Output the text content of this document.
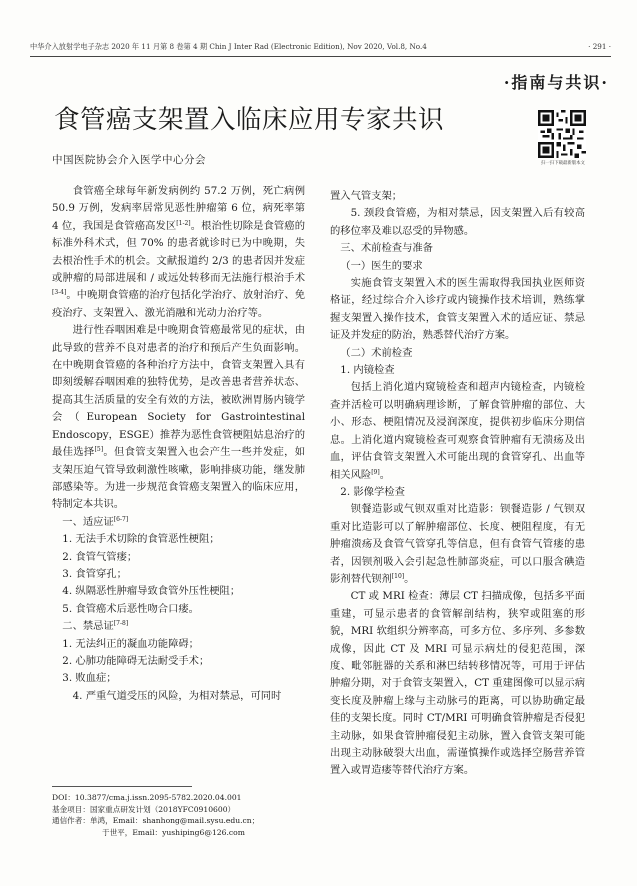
中华介入放射学电子杂志 2020 年 11 月第 8 卷第 4 期 Chin J Inter Rad (Electronic Edition), Nov 2020, Vol.8, No.4	· 291 ·
·指南与共识·
食管癌支架置入临床应用专家共识
中国医院协会介入医学中心分会	扫一扫下载最新版本文

食管癌全球每年新发病例约 57.2 万例，死亡病例 50.9 万例，发病率居常见恶性肿瘤第 6 位，病死率第 4 位，我国是食管癌高发区[1-2]。根治性切除是食管癌的标准外科术式，但 70% 的患者就诊时已为中晚期，失去根治性手术的机会。文献报道约 2/3 的患者因并发症或肿瘤的局部进展和 / 或远处转移而无法施行根治手术[3-4]。中晚期食管癌的治疗包括化学治疗、放射治疗、免疫治疗、支架置入、激光消融和光动力治疗等。

进行性吞咽困难是中晚期食管癌最常见的症状，由此导致的营养不良对患者的治疗和预后产生负面影响。在中晚期食管癌的各种治疗方法中，食管支架置入具有即刻缓解吞咽困难的独特优势，是改善患者营养状态、提高其生活质量的安全有效的方法，被欧洲胃肠内镜学会（European Society for Gastrointestinal Endoscopy，ESGE）推荐为恶性食管梗阻姑息治疗的最佳选择[5]。但食管支架置入也会产生一些并发症，如支架压迫气管导致刺激性咳嗽，影响排痰功能，继发肺部感染等。为进一步规范食管癌支架置入的临床应用，特制定本共识。

一、适应证[6-7]

1. 无法手术切除的食管恶性梗阻；

2. 食管气管瘘；

3. 食管穿孔；

4. 纵隔恶性肿瘤导致食管外压性梗阻；

5. 食管癌术后恶性吻合口瘘。

二、禁忌证[7-8]

1. 无法纠正的凝血功能障碍；

2. 心肺功能障碍无法耐受手术；

3. 败血症；

4. 严重气道受压的风险，为相对禁忌，可同时

置入气管支架；

5. 颈段食管癌，为相对禁忌，因支架置入后有较高的移位率及难以忍受的异物感。

三、术前检查与准备

（一）医生的要求

实施食管支架置入术的医生需取得我国执业医师资格证，经过综合介入诊疗或内镜操作技术培训，熟练掌握支架置入操作技术，食管支架置入术的适应证、禁忌证及并发症的防治，熟悉替代治疗方案。

（二）术前检查

1. 内镜检查

包括上消化道内窥镜检查和超声内镜检查，内镜检查并活检可以明确病理诊断，了解食管肿瘤的部位、大小、形态、梗阻情况及浸润深度，提供初步临床分期信息。上消化道内窥镜检查可观察食管肿瘤有无溃疡及出血，评估食管支架置入术可能出现的食管穿孔、出血等相关风险[9]。

2. 影像学检查

钡餐造影或气钡双重对比造影：钡餐造影 / 气钡双重对比造影可以了解肿瘤部位、长度、梗阻程度，有无肿瘤溃疡及食管气管穿孔等信息，但有食管气管瘘的患者，因钡剂吸入会引起急性肺部炎症，可以口服含碘造影剂替代钡剂[10]。

CT 或 MRI 检查：薄层 CT 扫描成像，包括多平面重建，可显示患者的食管解剖结构，狭窄或阻塞的形貌，MRI 软组织分辨率高，可多方位、多序列、多参数成像，因此 CT 及 MRI 可显示病灶的侵犯范围，深度、毗邻脏器的关系和淋巴结转移情况等，可用于评估肿瘤分期，对于食管支架置入，CT 重建图像可以显示病变长度及肿瘤上缘与主动脉弓的距离，可以协助确定最佳的支架长度。同时 CT/MRI 可明确食管肿瘤是否侵犯主动脉，如果食管肿瘤侵犯主动脉，置入食管支架可能出现主动脉破裂大出血，需谨慎操作或选择空肠营养管置入或胃造瘘等替代治疗方案。

DOI：10.3877/cma.j.issn.2095-5782.2020.04.001
基金项目：国家重点研发计划（2018YFC0910600）
通信作者：单鸿，Email：shanhong@mail.sysu.edu.cn；
于世平，Email：yushiping6@126.com
